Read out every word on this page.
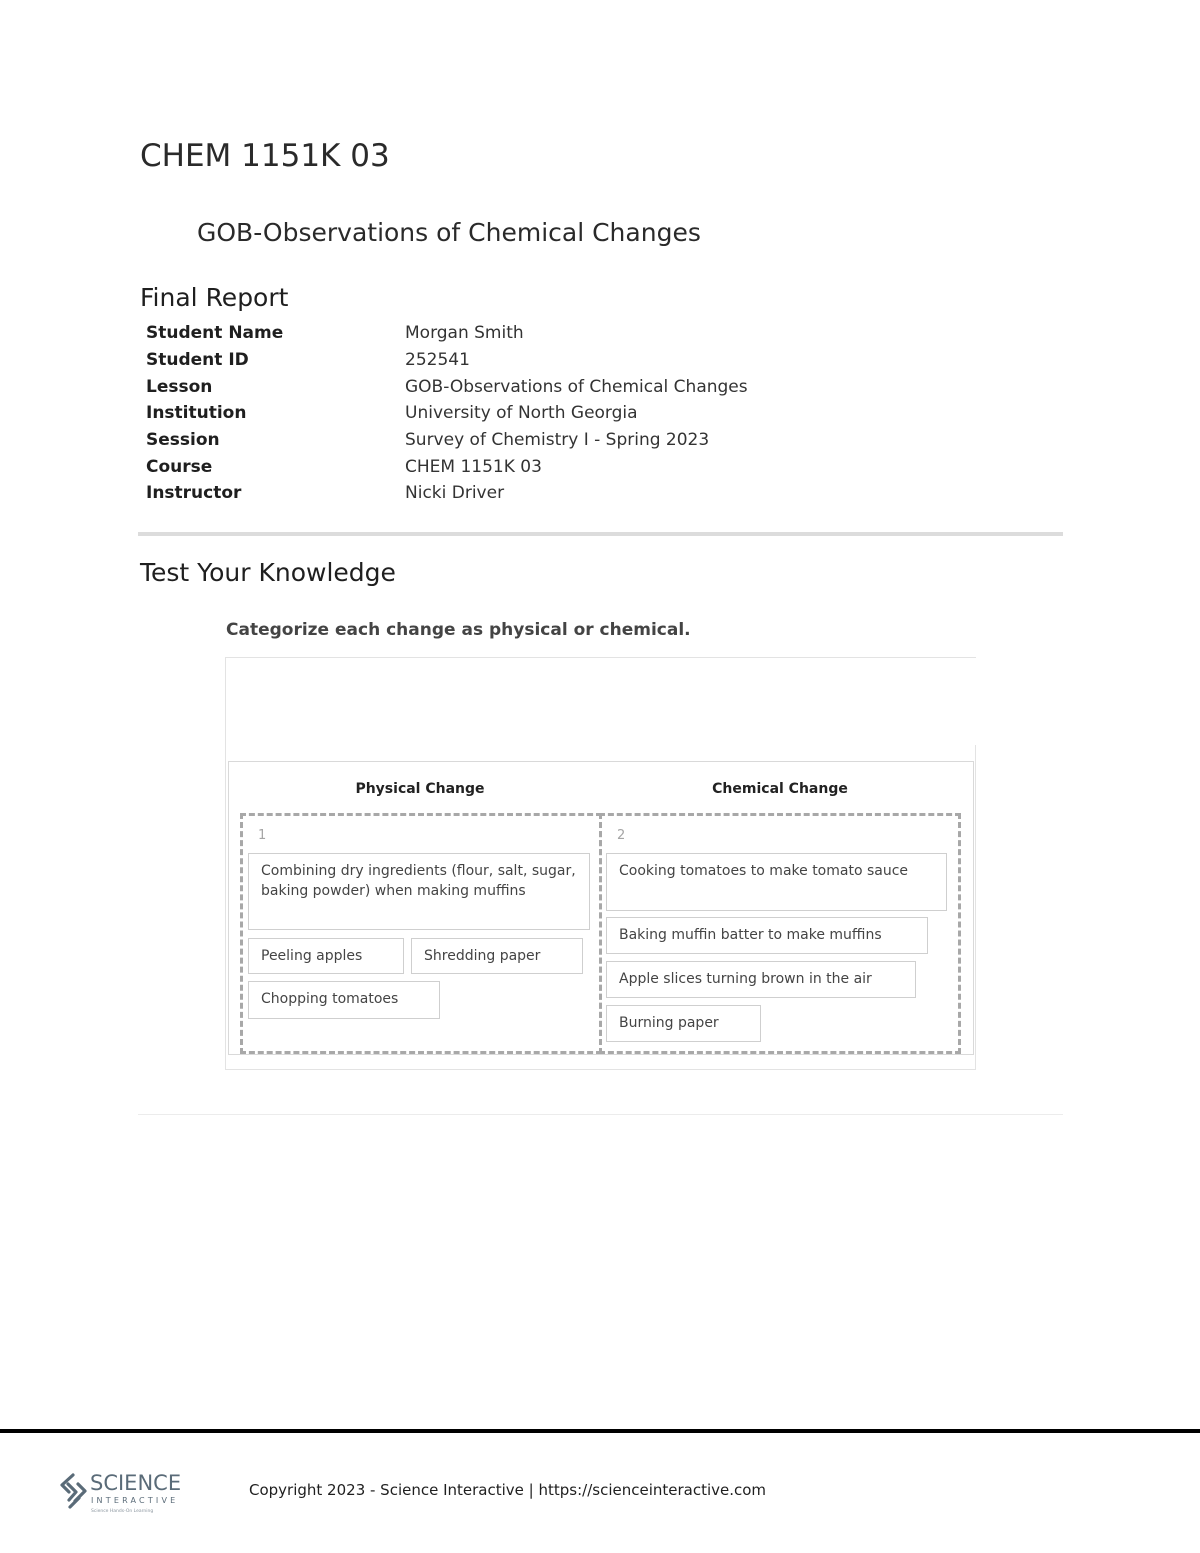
CHEM 1151K 03
GOB-Observations of Chemical Changes
Final Report
Student Name	Morgan Smith
Student ID	252541
Lesson	GOB-Observations of Chemical Changes
Institution	University of North Georgia
Session	Survey of Chemistry I - Spring 2023
Course	CHEM 1151K 03
Instructor	Nicki Driver
Test Your Knowledge
Categorize each change as physical or chemical.
Physical Change	Chemical Change
1	2
Combining dry ingredients (flour, salt, sugar, baking powder) when making muffins
Peeling apples	Shredding paper
Chopping tomatoes
Cooking tomatoes to make tomato sauce
Baking muffin batter to make muffins
Apple slices turning brown in the air
Burning paper
SCIENCE
INTERACTIVE
Science Hands-On Learning
Copyright 2023 - Science Interactive | https://scienceinteractive.com
